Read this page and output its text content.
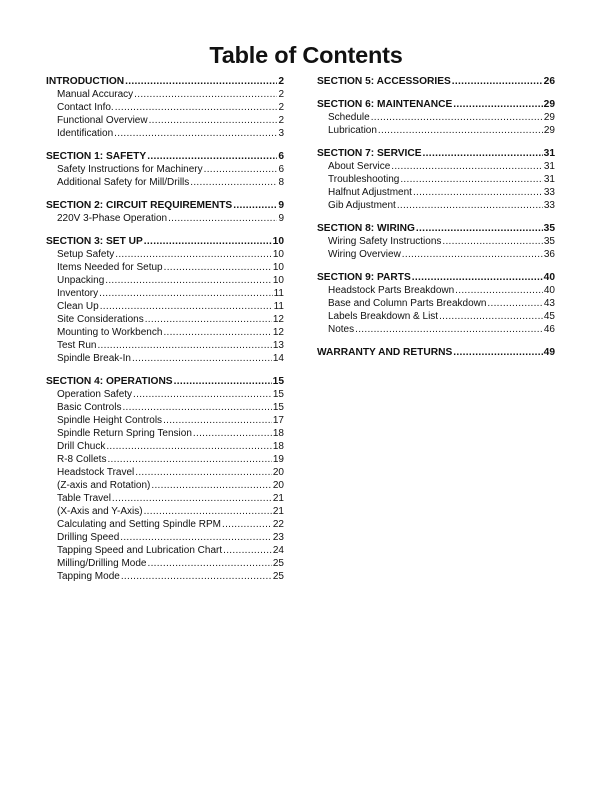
Table of Contents
INTRODUCTION .....	2
Manual Accuracy .....	2
Contact Info. .....	2
Functional Overview .....	2
Identification .....	3
SECTION 1: SAFETY .....	6
Safety Instructions for Machinery .....	6
Additional Safety for Mill/Drills .....	8
SECTION 2: CIRCUIT REQUIREMENTS .....	9
220V 3-Phase Operation .....	9
SECTION 3: SET UP .....	10
Setup Safety .....	10
Items Needed for Setup .....	10
Unpacking .....	10
Inventory .....	11
Clean Up .....	11
Site Considerations .....	12
Mounting to Workbench .....	12
Test Run .....	13
Spindle Break-In .....	14
SECTION 4: OPERATIONS .....	15
Operation Safety .....	15
Basic Controls .....	15
Spindle Height Controls .....	17
Spindle Return Spring Tension .....	18
Drill Chuck .....	18
R-8 Collets .....	19
Headstock Travel .....	20
(Z-axis and Rotation) .....	20
Table Travel .....	21
(X-Axis and Y-Axis) .....	21
Calculating and Setting Spindle RPM .....	22
Drilling Speed .....	23
Tapping Speed and Lubrication Chart .....	24
Milling/Drilling Mode .....	25
Tapping Mode .....	25
SECTION 5: ACCESSORIES .....	26
SECTION 6: MAINTENANCE .....	29
Schedule .....	29
Lubrication .....	29
SECTION 7: SERVICE .....	31
About Service .....	31
Troubleshooting .....	31
Halfnut Adjustment .....	33
Gib Adjustment .....	33
SECTION 8: WIRING .....	35
Wiring Safety Instructions .....	35
Wiring Overview .....	36
SECTION 9: PARTS .....	40
Headstock Parts Breakdown .....	40
Base and Column Parts Breakdown .....	43
Labels Breakdown & List .....	45
Notes .....	46
WARRANTY AND RETURNS .....	49
